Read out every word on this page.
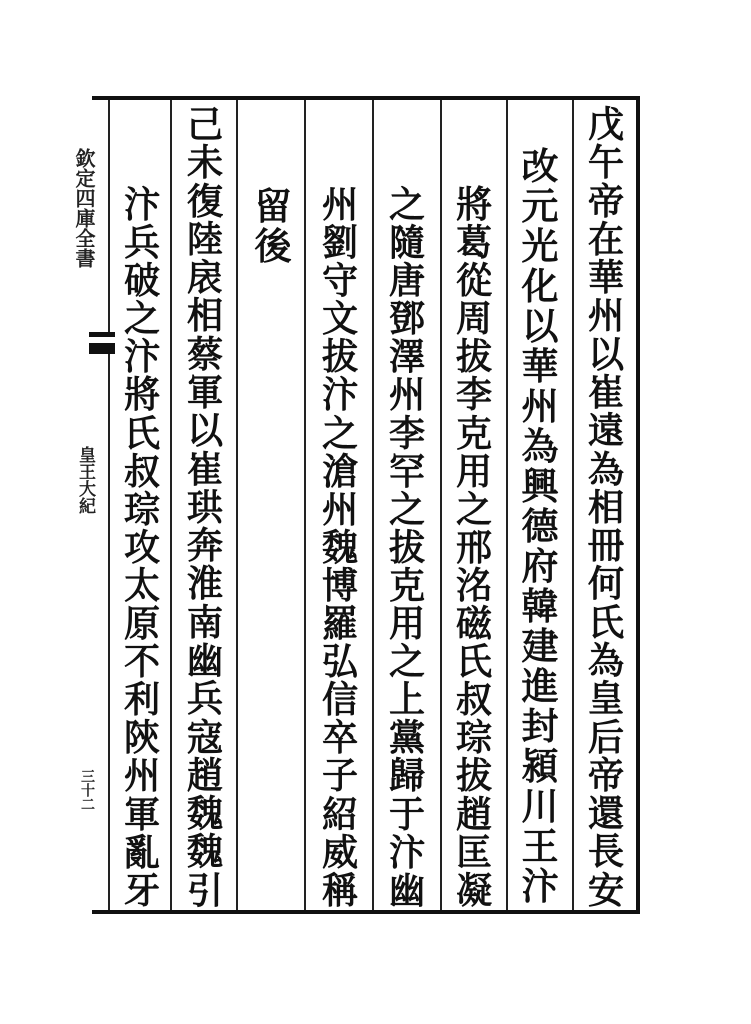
欽定四庫全書
皇王大紀
三十二
戊
午
帝
在
華
州
以
崔
遠
為
相
冊
何
氏
為
皇
后
帝
還
長
安
改
元
光
化
以
華
州
為
興
德
府
韓
建
進
封
潁
川
王
汴
將
葛
從
周
拔
李
克
用
之
邢
洺
磁
氏
叔
琮
拔
趙
匡
凝
之
隨
唐
鄧
澤
州
李
罕
之
拔
克
用
之
上
黨
歸
于
汴
幽
州
劉
守
文
拔
汴
之
滄
州
魏
博
羅
弘
信
卒
子
紹
威
稱
留
後
己
未
復
陸
扆
相
蔡
軍
以
崔
珙
奔
淮
南
幽
兵
寇
趙
魏
魏
引
汴
兵
破
之
汴
將
氏
叔
琮
攻
太
原
不
利
陝
州
軍
亂
牙
